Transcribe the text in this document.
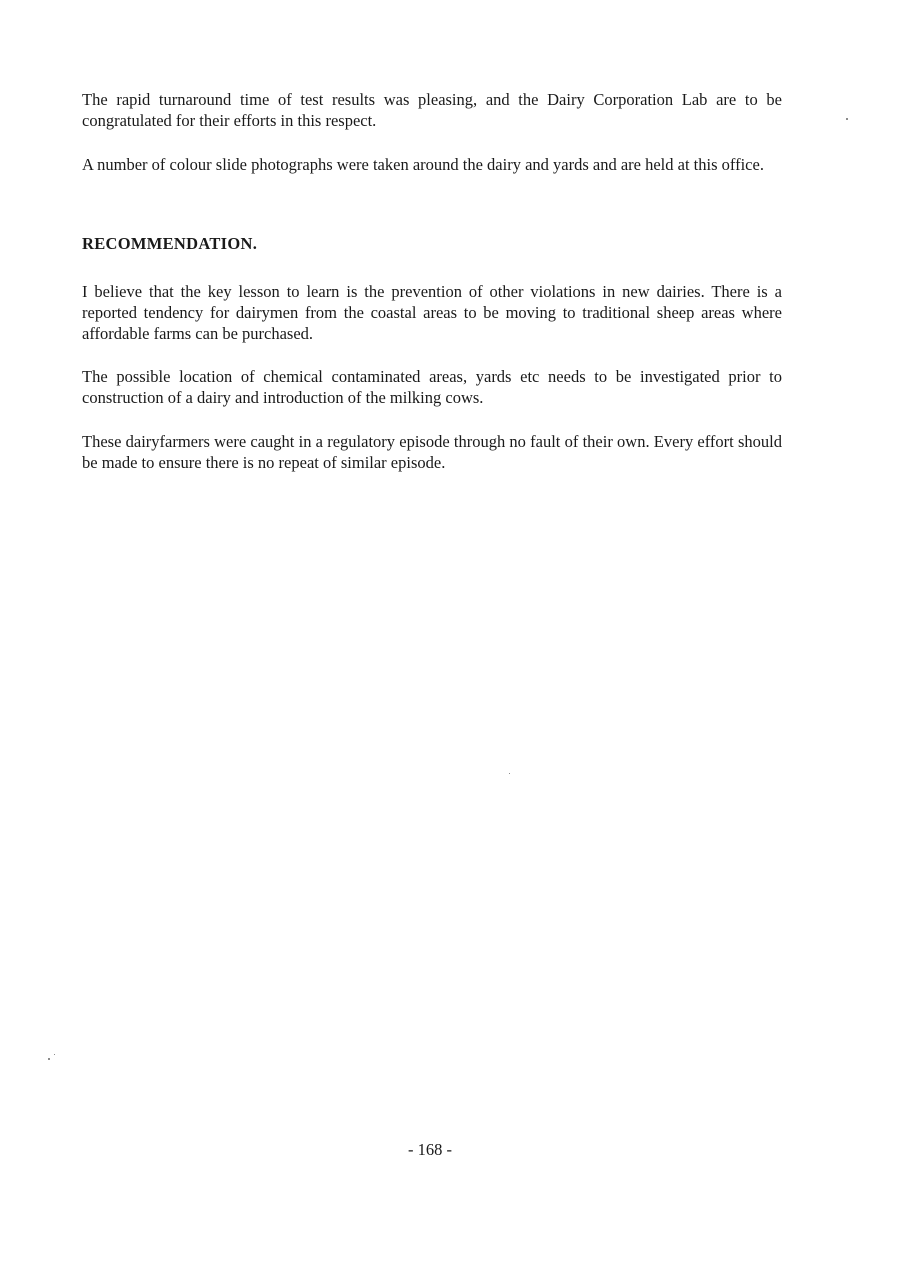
The rapid turnaround time of test results was pleasing, and the Dairy Corporation Lab are to be congratulated for their efforts in this respect.

A number of colour slide photographs were taken around the dairy and yards and are held at this office.

RECOMMENDATION.

I believe that the key lesson to learn is the prevention of other violations in new dairies. There is a reported tendency for dairymen from the coastal areas to be moving to traditional sheep areas where affordable farms can be purchased.

The possible location of chemical contaminated areas, yards etc needs to be investigated prior to construction of a dairy and introduction of the milking cows.

These dairyfarmers were caught in a regulatory episode through no fault of their own. Every effort should be made to ensure there is no repeat of similar episode.

- 168 -
